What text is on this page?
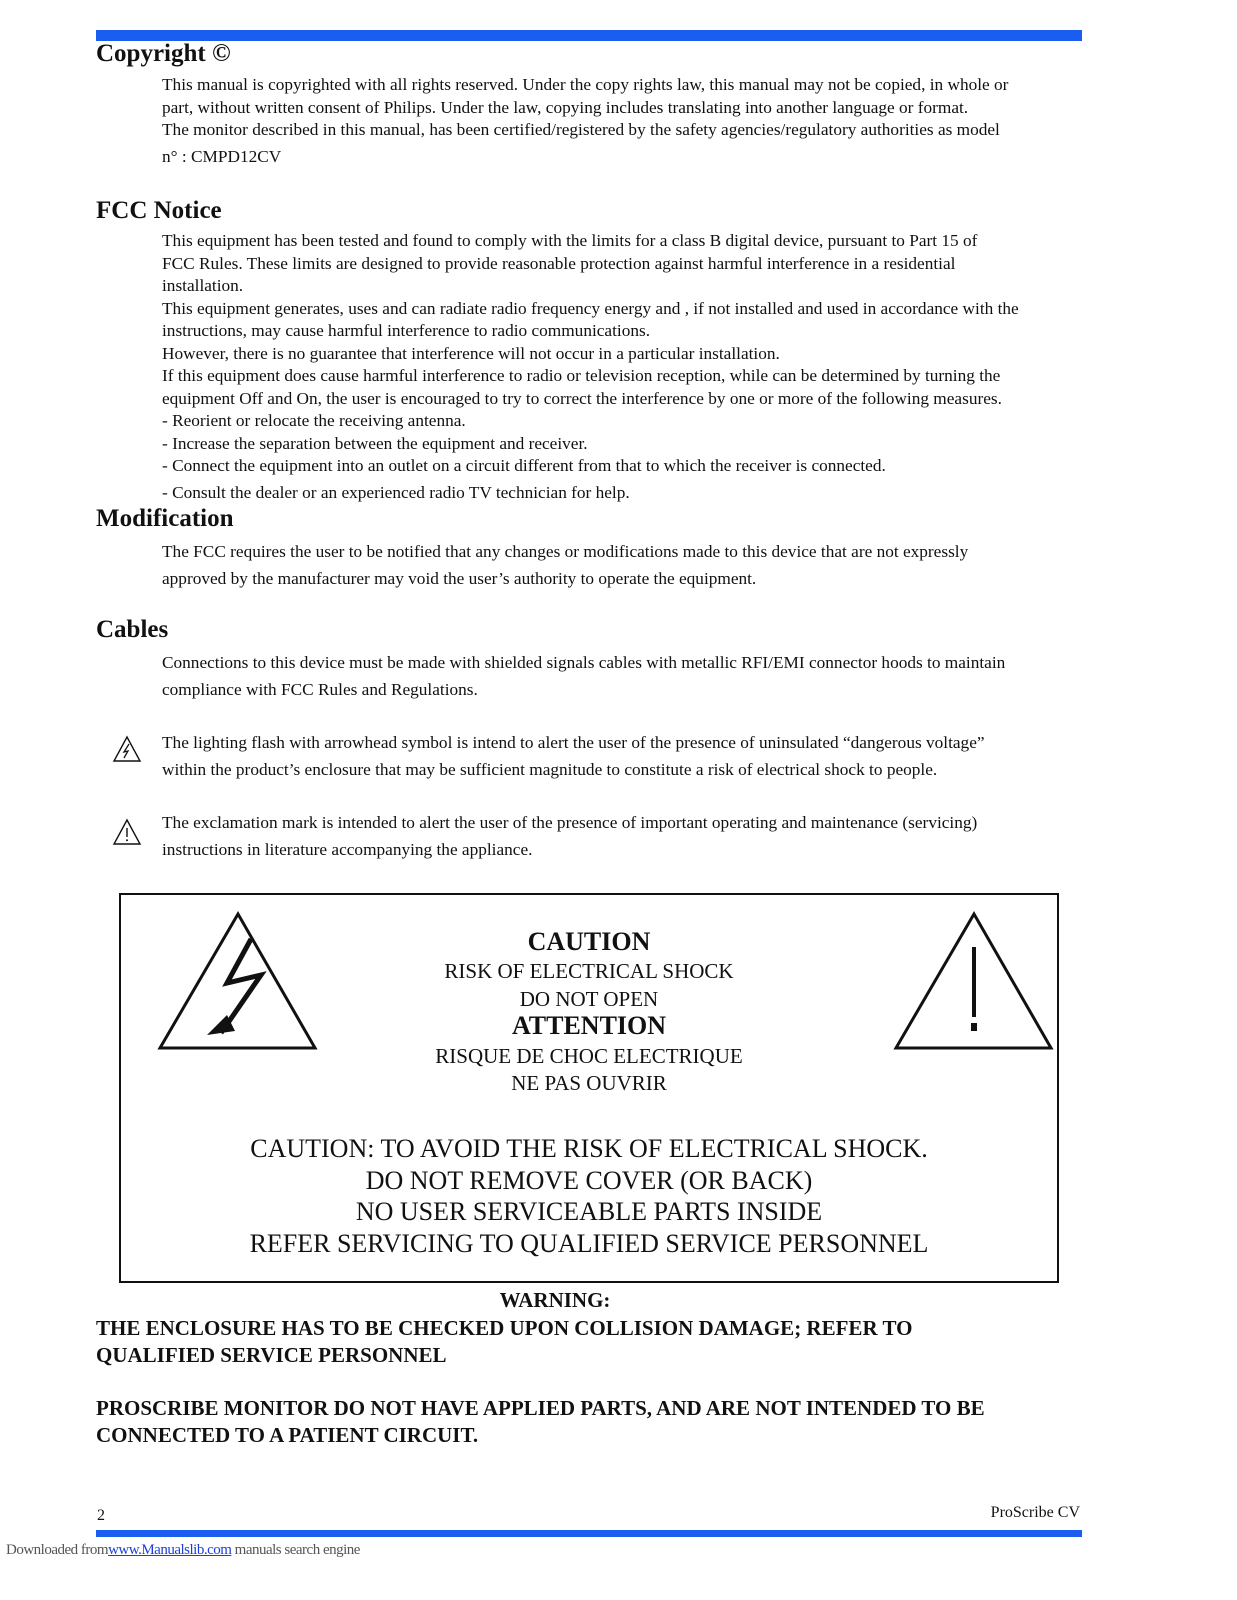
Copyright ©
This manual is copyrighted with all rights reserved. Under the copy rights law, this manual may not be copied, in whole or
part, without written consent of Philips. Under the law, copying includes translating into another language or format.
The monitor described in this manual, has been certified/registered by the safety agencies/regulatory authorities as model
n° : CMPD12CV
FCC Notice
This equipment has been tested and found to comply with the limits for a class B digital device, pursuant to Part 15 of
FCC Rules. These limits are designed to provide reasonable protection against harmful interference in a residential
installation.
This equipment generates, uses and can radiate radio frequency energy and , if not installed and used in accordance with the
instructions, may cause harmful interference to radio communications.
However, there is no guarantee that interference will not occur in a particular installation.
If this equipment does cause harmful interference to radio or television reception, while can be determined by turning the
equipment Off and On, the user is encouraged to try to correct the interference by one or more of the following measures.
- Reorient or relocate the receiving antenna.
- Increase the separation between the equipment and receiver.
- Connect the equipment into an outlet on a circuit different from that to which the receiver is connected.
- Consult the dealer or an experienced radio TV technician for help.
Modification
The FCC requires the user to be notified that any changes or modifications made to this device that are not expressly
approved by the manufacturer may void the user’s authority to operate the equipment.
Cables
Connections to this device must be made with shielded signals cables with metallic RFI/EMI connector hoods to maintain
compliance with FCC Rules and Regulations.
The lighting flash with arrowhead symbol is intend to alert the user of the presence of uninsulated “dangerous voltage”
within the product’s enclosure that may be sufficient magnitude to constitute a risk of electrical shock to people.
The exclamation mark is intended to alert the user of the presence of important operating and maintenance (servicing)
instructions in literature accompanying the appliance.
CAUTION
RISK OF ELECTRICAL SHOCK
DO NOT OPEN
ATTENTION
RISQUE DE CHOC ELECTRIQUE
NE PAS OUVRIR
CAUTION: TO AVOID THE RISK OF ELECTRICAL SHOCK.
DO NOT REMOVE COVER (OR BACK)
NO USER SERVICEABLE PARTS INSIDE
REFER SERVICING TO QUALIFIED SERVICE PERSONNEL
WARNING:
THE ENCLOSURE HAS TO BE CHECKED UPON COLLISION DAMAGE; REFER TO
QUALIFIED SERVICE PERSONNEL
PROSCRIBE MONITOR DO NOT HAVE APPLIED PARTS, AND ARE NOT INTENDED TO BE
CONNECTED TO A PATIENT CIRCUIT.
2	ProScribe CV
Downloaded fromwww.Manualslib.com manuals search engine
